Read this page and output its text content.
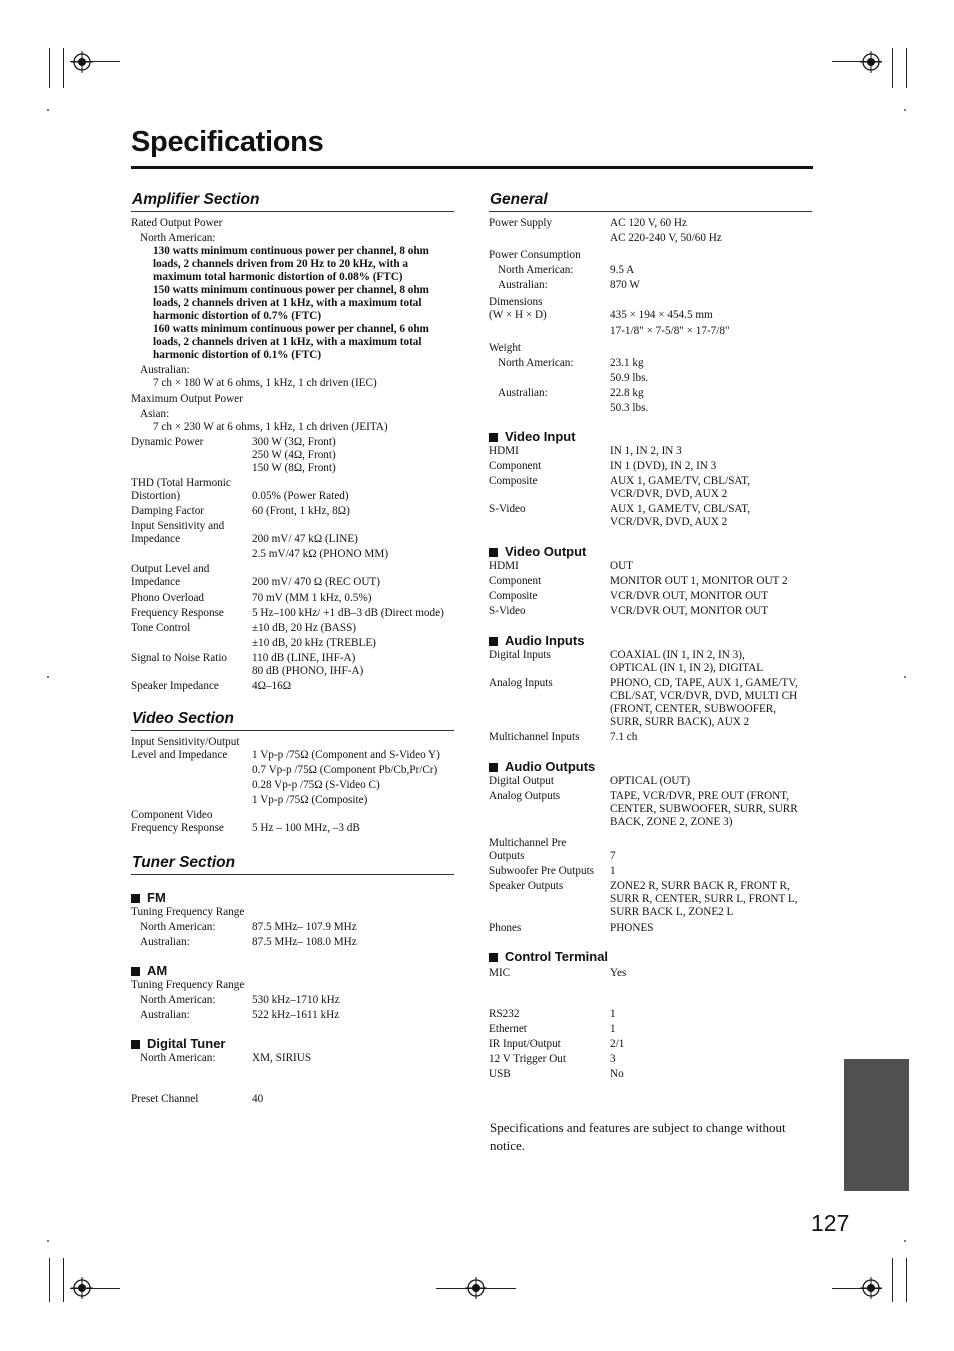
Specifications
Amplifier Section
Rated Output Power
North American:
130 watts minimum continuous power per channel, 8 ohm loads, 2 channels driven from 20 Hz to 20 kHz, with a maximum total harmonic distortion of 0.08% (FTC)
150 watts minimum continuous power per channel, 8 ohm loads, 2 channels driven at 1 kHz, with a maximum total harmonic distortion of 0.7% (FTC)
160 watts minimum continuous power per channel, 6 ohm loads, 2 channels driven at 1 kHz, with a maximum total harmonic distortion of 0.1% (FTC)
Australian:
7 ch × 180 W at 6 ohms, 1 kHz, 1 ch driven (IEC)
Maximum Output Power
Asian:
7 ch × 230 W at 6 ohms, 1 kHz, 1 ch driven (JEITA)
Dynamic Power	300 W (3Ω, Front)
250 W (4Ω, Front)
150 W (8Ω, Front)
THD (Total Harmonic
Distortion)
	0.05% (Power Rated)
Damping Factor	60 (Front, 1 kHz, 8Ω)
Input Sensitivity and
Impedance
	200 mV/ 47 kΩ (LINE)
2.5 mV/47 kΩ (PHONO MM)
Output Level and
Impedance
	200 mV/ 470 Ω (REC OUT)
Phono Overload	70 mV (MM 1 kHz, 0.5%)
Frequency Response	5 Hz–100 kHz/ +1 dB–3 dB (Direct mode)
Tone Control	±10 dB, 20 Hz (BASS)
±10 dB, 20 kHz (TREBLE)
Signal to Noise Ratio	110 dB (LINE, IHF-A)
80 dB (PHONO, IHF-A)
Speaker Impedance	4Ω–16Ω
Video Section
Input Sensitivity/Output
Level and Impedance
	1 Vp-p /75Ω (Component and S-Video Y)
0.7 Vp-p /75Ω (Component Pb/Cb,Pr/Cr)
0.28 Vp-p /75Ω (S-Video C)
1 Vp-p /75Ω (Composite)
Component Video
Frequency Response
	5 Hz – 100 MHz, –3 dB
Tuner Section
FM
Tuning Frequency Range
North American:	87.5 MHz– 107.9 MHz
Australian:	87.5 MHz– 108.0 MHz
AM
Tuning Frequency Range
North American:	530 kHz–1710 kHz
Australian:	522 kHz–1611 kHz
Digital Tuner
North American:	XM, SIRIUS
Preset Channel	40
General
Power Supply	AC 120 V, 60 Hz
AC 220-240 V, 50/60 Hz
Power Consumption
North American:	9.5 A
Australian:	870 W
Dimensions
(W × H × D)
	435 × 194 × 454.5 mm
17-1/8" × 7-5/8" × 17-7/8"
Weight
North American:	23.1 kg
50.9 lbs.
Australian:	22.8 kg
50.3 lbs.
Video Input
HDMI	IN 1, IN 2, IN 3
Component	IN 1 (DVD), IN 2, IN 3
Composite	AUX 1, GAME/TV, CBL/SAT,
VCR/DVR, DVD, AUX 2
S-Video	AUX 1, GAME/TV, CBL/SAT,
VCR/DVR, DVD, AUX 2
Video Output
HDMI	OUT
Component	MONITOR OUT 1, MONITOR OUT 2
Composite	VCR/DVR OUT, MONITOR OUT
S-Video	VCR/DVR OUT, MONITOR OUT
Audio Inputs
Digital Inputs	COAXIAL (IN 1, IN 2, IN 3),
OPTICAL (IN 1, IN 2), DIGITAL
Analog Inputs	PHONO, CD, TAPE, AUX 1, GAME/TV,
CBL/SAT, VCR/DVR, DVD, MULTI CH
(FRONT, CENTER, SUBWOOFER,
SURR, SURR BACK), AUX 2
Multichannel Inputs	7.1 ch
Audio Outputs
Digital Output	OPTICAL (OUT)
Analog Outputs	TAPE, VCR/DVR, PRE OUT (FRONT,
CENTER, SUBWOOFER, SURR, SURR
BACK, ZONE 2, ZONE 3)
Multichannel Pre
Outputs
	7
Subwoofer Pre Outputs	1
Speaker Outputs	ZONE2 R, SURR BACK R, FRONT R,
SURR R, CENTER, SURR L, FRONT L,
SURR BACK L, ZONE2 L
Phones	PHONES
Control Terminal
MIC	Yes
RS232	1
Ethernet	1
IR Input/Output	2/1
12 V Trigger Out	3
USB	No
Specifications and features are subject to change without notice.
127
